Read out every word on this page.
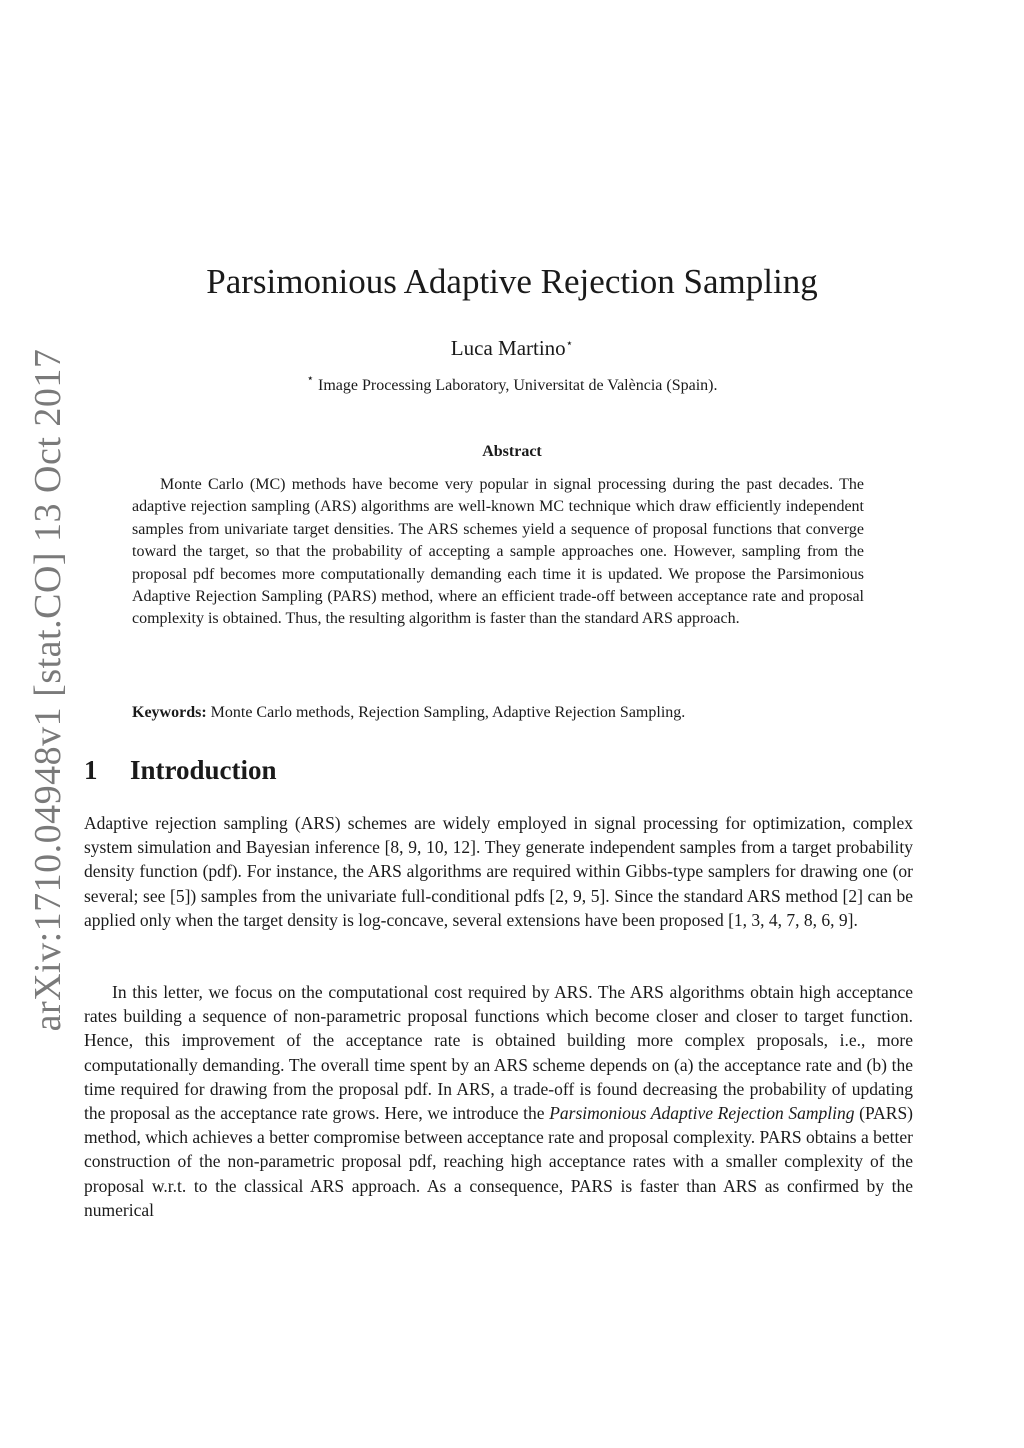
arXiv:1710.04948v1 [stat.CO] 13 Oct 2017
Parsimonious Adaptive Rejection Sampling

Luca Martino⋆

⋆ Image Processing Laboratory, Universitat de València (Spain).

Abstract

Monte Carlo (MC) methods have become very popular in signal processing during the past decades. The adaptive rejection sampling (ARS) algorithms are well-known MC technique which draw efficiently independent samples from univariate target densities. The ARS schemes yield a sequence of proposal functions that converge toward the target, so that the probability of accepting a sample approaches one. However, sampling from the proposal pdf becomes more computationally demanding each time it is updated. We propose the Parsimonious Adaptive Rejection Sampling (PARS) method, where an efficient trade-off between acceptance rate and proposal complexity is obtained. Thus, the resulting algorithm is faster than the standard ARS approach.

Keywords: Monte Carlo methods, Rejection Sampling, Adaptive Rejection Sampling.

1 Introduction

Adaptive rejection sampling (ARS) schemes are widely employed in signal processing for optimization, complex system simulation and Bayesian inference [8, 9, 10, 12]. They generate independent samples from a target probability density function (pdf). For instance, the ARS algorithms are required within Gibbs-type samplers for drawing one (or several; see [5]) samples from the univariate full-conditional pdfs [2, 9, 5]. Since the standard ARS method [2] can be applied only when the target density is log-concave, several extensions have been proposed [1, 3, 4, 7, 8, 6, 9].

In this letter, we focus on the computational cost required by ARS. The ARS algorithms obtain high acceptance rates building a sequence of non-parametric proposal functions which become closer and closer to target function. Hence, this improvement of the acceptance rate is obtained building more complex proposals, i.e., more computationally demanding. The overall time spent by an ARS scheme depends on (a) the acceptance rate and (b) the time required for drawing from the proposal pdf. In ARS, a trade-off is found decreasing the probability of updating the proposal as the acceptance rate grows. Here, we introduce the Parsimonious Adaptive Rejection Sampling (PARS) method, which achieves a better compromise between acceptance rate and proposal complexity. PARS obtains a better construction of the non-parametric proposal pdf, reaching high acceptance rates with a smaller complexity of the proposal w.r.t. to the classical ARS approach. As a consequence, PARS is faster than ARS as confirmed by the numerical
